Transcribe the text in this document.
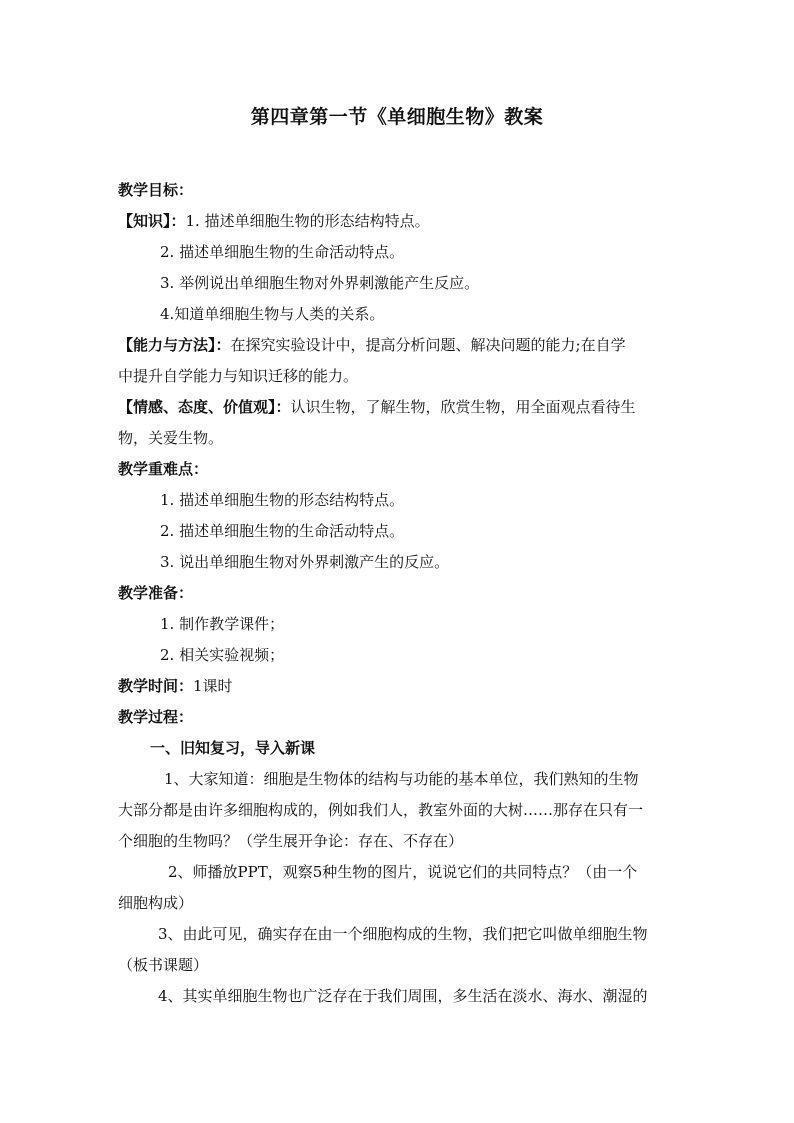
第四章第一节《单细胞生物》教案
教学目标：
【知识】：1. 描述单细胞生物的形态结构特点。
2. 描述单细胞生物的生命活动特点。
3. 举例说出单细胞生物对外界刺激能产生反应。
4.知道单细胞生物与人类的关系。
【能力与方法】：在探究实验设计中，提高分析问题、解决问题的能力;在自学
中提升自学能力与知识迁移的能力。
【情感、态度、价值观】：认识生物，了解生物，欣赏生物，用全面观点看待生
物，关爱生物。
教学重难点：
1. 描述单细胞生物的形态结构特点。
2. 描述单细胞生物的生命活动特点。
3. 说出单细胞生物对外界刺激产生的反应。
教学准备：
1. 制作教学课件；
2. 相关实验视频；
教学时间：1课时
教学过程：
一、旧知复习，导入新课
1、大家知道：细胞是生物体的结构与功能的基本单位，我们熟知的生物
大部分都是由许多细胞构成的，例如我们人，教室外面的大树……那存在只有一
个细胞的生物吗？（学生展开争论：存在、不存在）
2、师播放PPT，观察5种生物的图片，说说它们的共同特点？（由一个
细胞构成）
3、由此可见，确实存在由一个细胞构成的生物，我们把它叫做单细胞生物
（板书课题）
4、其实单细胞生物也广泛存在于我们周围，多生活在淡水、海水、潮湿的
